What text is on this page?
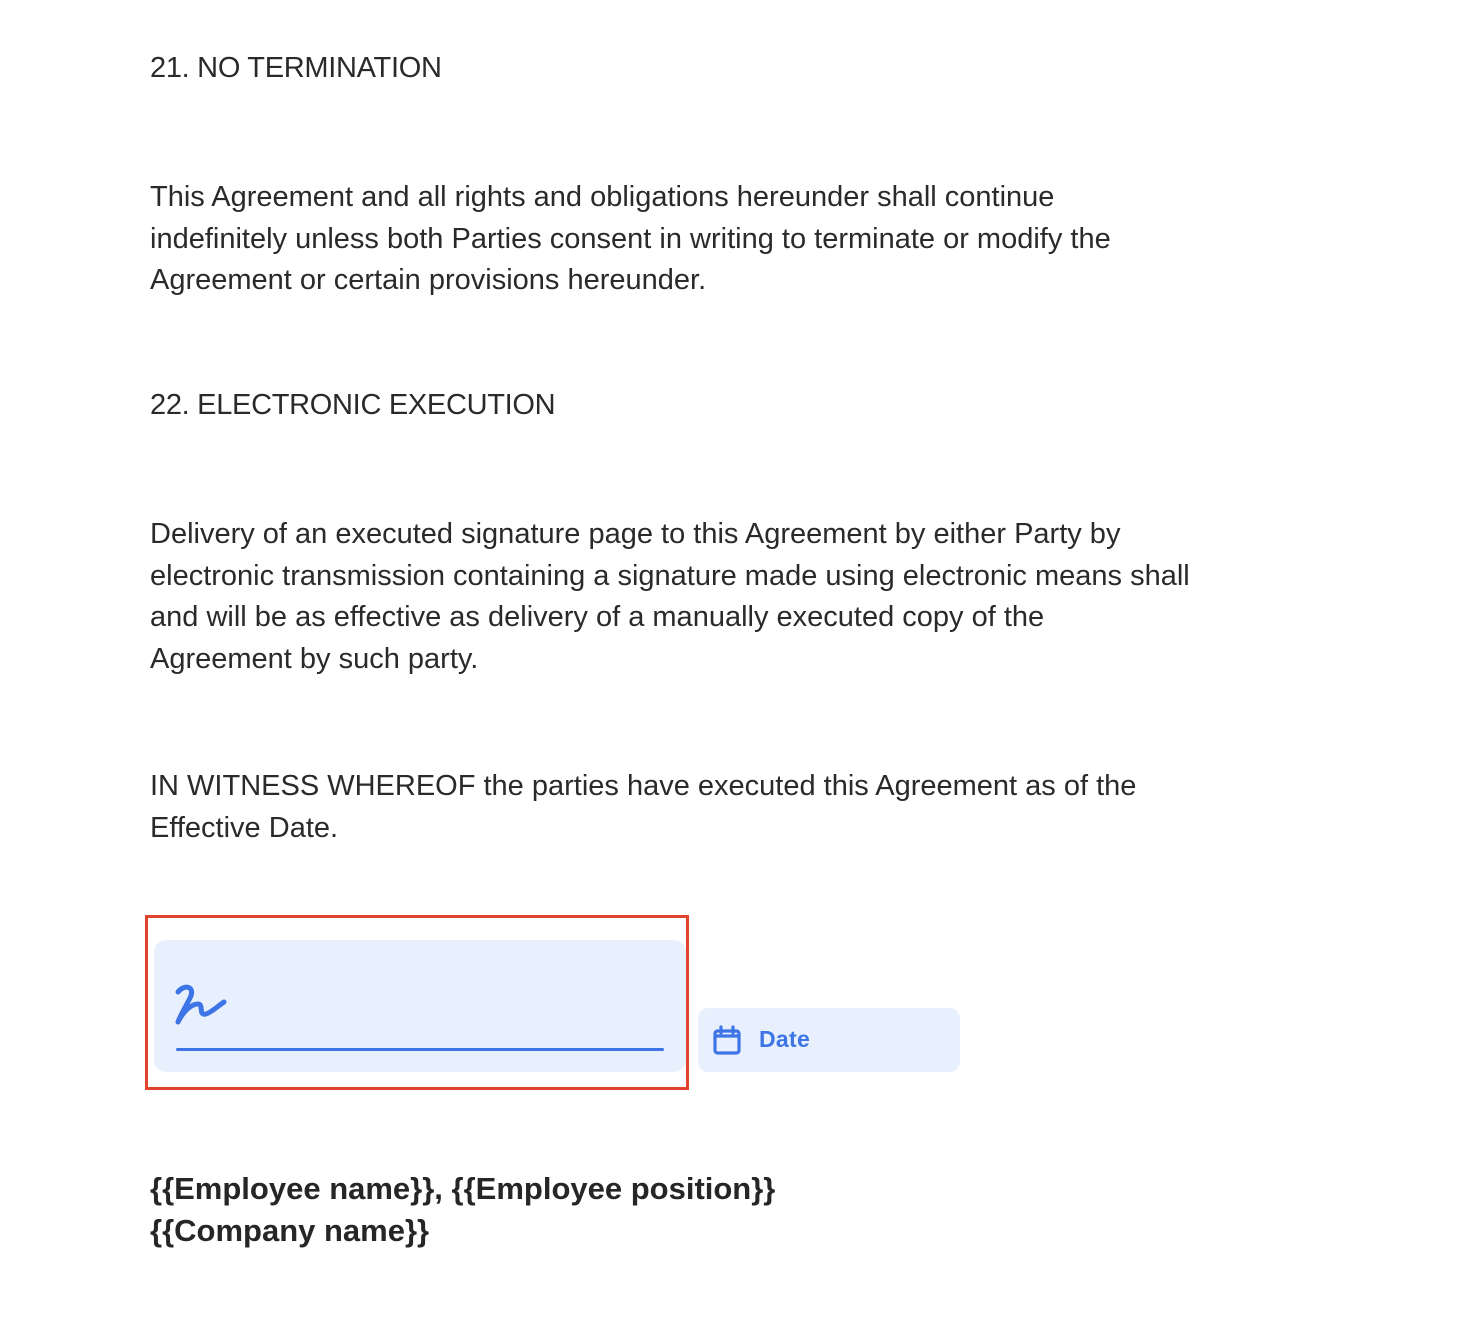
21. NO TERMINATION
This Agreement and all rights and obligations hereunder shall continue
indefinitely unless both Parties consent in writing to terminate or modify the
Agreement or certain provisions hereunder.
22. ELECTRONIC EXECUTION
Delivery of an executed signature page to this Agreement by either Party by
electronic transmission containing a signature made using electronic means shall
and will be as effective as delivery of a manually executed copy of the
Agreement by such party.
IN WITNESS WHEREOF the parties have executed this Agreement as of the
Effective Date.
Date
{{Employee name}}, {{Employee position}}
{{Company name}}
